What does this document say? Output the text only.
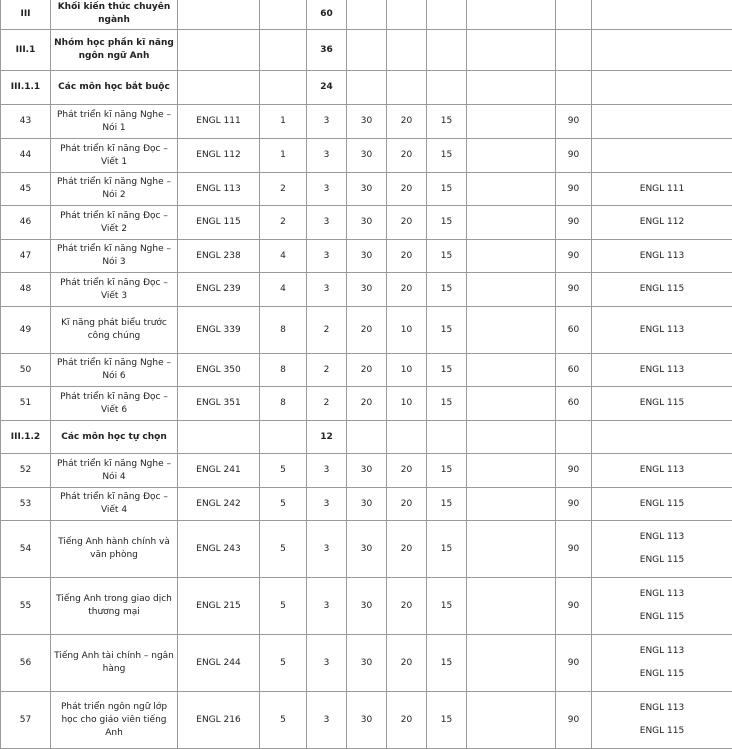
III	Khối kiến thức chuyên ngành			60						
III.1	Nhóm học phần kĩ năng ngôn ngữ Anh			36						
III.1.1	Các môn học bắt buộc			24						
43	Phát triển kĩ năng Nghe – Nói 1	ENGL 111	1	3	30	20	15		90	
44	Phát triển kĩ năng Đọc – Viết 1	ENGL 112	1	3	30	20	15		90	
45	Phát triển kĩ năng Nghe – Nói 2	ENGL 113	2	3	30	20	15		90	ENGL 111

46	Phát triển kĩ năng Đọc – Viết 2	ENGL 115	2	3	30	20	15		90	ENGL 112

47	Phát triển kĩ năng Nghe – Nói 3	ENGL 238	4	3	30	20	15		90	ENGL 113

48	Phát triển kĩ năng Đọc – Viết 3	ENGL 239	4	3	30	20	15		90	ENGL 115

49	Kĩ năng phát biểu trước công chúng	ENGL 339	8	2	20	10	15		60	ENGL 113

50	Phát triển kĩ năng Nghe – Nói 6	ENGL 350	8	2	20	10	15		60	ENGL 113

51	Phát triển kĩ năng Đọc – Viết 6	ENGL 351	8	2	20	10	15		60	ENGL 115

III.1.2	Các môn học tự chọn			12						
52	Phát triển kĩ năng Nghe – Nói 4	ENGL 241	5	3	30	20	15		90	ENGL 113

53	Phát triển kĩ năng Đọc – Viết 4	ENGL 242	5	3	30	20	15		90	ENGL 115

54	Tiếng Anh hành chính và văn phòng	ENGL 243	5	3	30	20	15		90	ENGL 113
ENGL 115

55	Tiếng Anh trong giao dịch thương mại	ENGL 215	5	3	30	20	15		90	ENGL 113
ENGL 115

56	Tiếng Anh tài chính – ngân hàng	ENGL 244	5	3	30	20	15		90	ENGL 113
ENGL 115

57	Phát triển ngôn ngữ lớp học cho giáo viên tiếng Anh	ENGL 216	5	3	30	20	15		90	ENGL 113
ENGL 115
